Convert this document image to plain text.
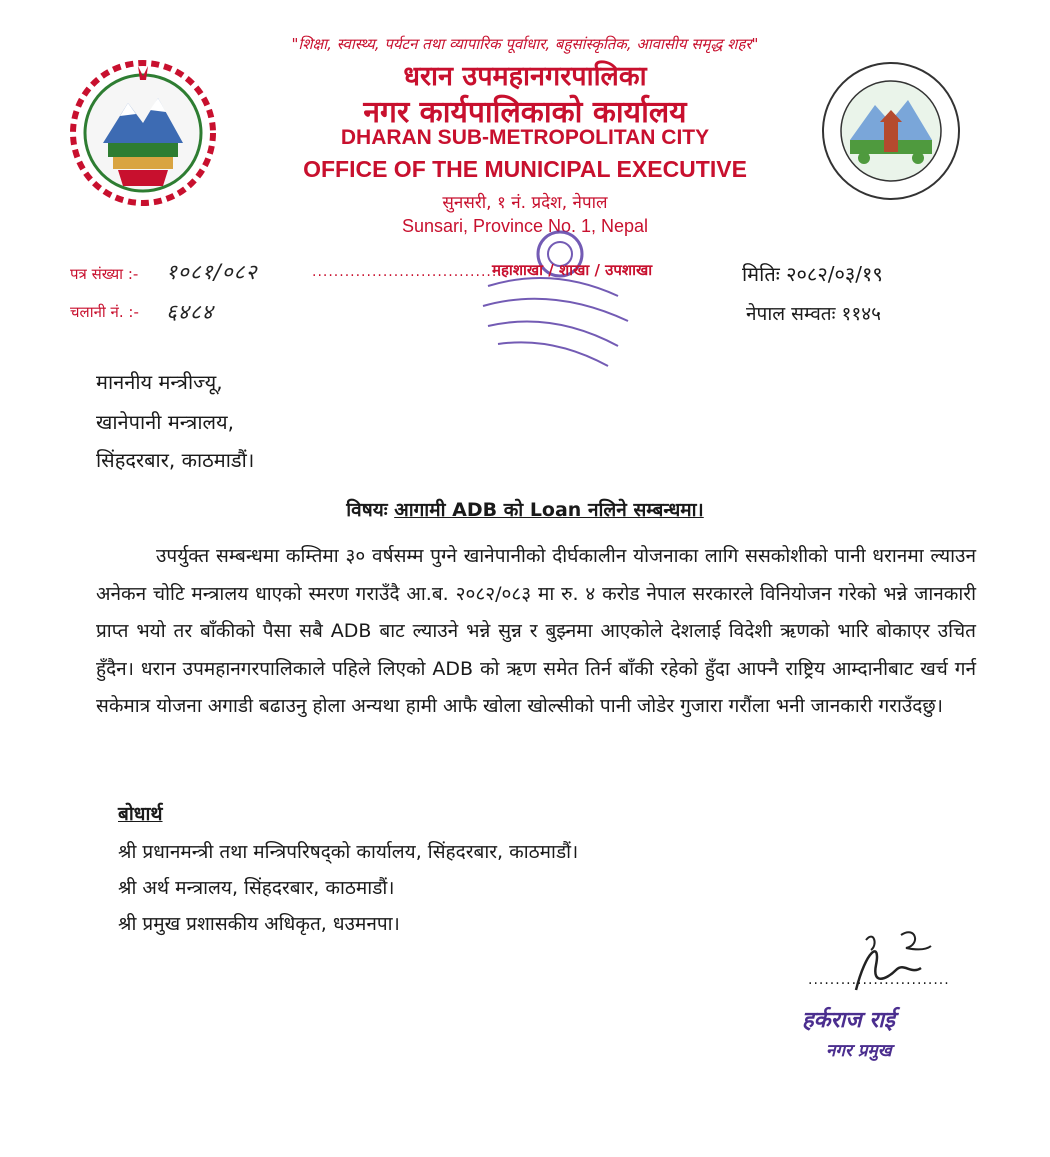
"शिक्षा, स्वास्थ्य, पर्यटन तथा व्यापारिक पूर्वाधार, बहुसांस्कृतिक, आवासीय समृद्ध शहर"
धरान उपमहानगरपालिका
नगर कार्यपालिकाको कार्यालय
DHARAN SUB-METROPOLITAN CITY
OFFICE OF THE MUNICIPAL EXECUTIVE
सुनसरी, १ नं. प्रदेश, नेपाल
Sunsari, Province No. 1, Nepal
पत्र संख्या :- १०८१/०८२
चलानी नं. :- ६४८४
...................................
महाशाखा / शाखा / उपशाखा	मितिः २०८२/०३/१९
नेपाल सम्वतः ११४५
माननीय मन्त्रीज्यू,
खानेपानी मन्त्रालय,
सिंहदरबार, काठमाडौं।
विषयः आगामी ADB को Loan नलिने सम्बन्धमा।
उपर्युक्त सम्बन्धमा कम्तिमा ३० वर्षसम्म पुग्ने खानेपानीको दीर्घकालीन योजनाका लागि ससकोशीको पानी धरानमा ल्याउन अनेकन चोटि मन्त्रालय धाएको स्मरण गराउँदै आ.ब. २०८२/०८३ मा रु. ४ करोड नेपाल सरकारले विनियोजन गरेको भन्ने जानकारी प्राप्त भयो तर बाँकीको पैसा सबै ADB बाट ल्याउने भन्ने सुन्न र बुझ्नमा आएकोले देशलाई विदेशी ऋणको भारि बोकाएर उचित हुँदैन। धरान उपमहानगरपालिकाले पहिले लिएको ADB को ऋण समेत तिर्न बाँकी रहेको हुँदा आफ्नै राष्ट्रिय आम्दानीबाट खर्च गर्न सकेमात्र योजना अगाडी बढाउनु होला अन्यथा हामी आफै खोला खोल्सीको पानी जोडेर गुजारा गरौंला भनी जानकारी गराउँदछु।
बोधार्थ
श्री प्रधानमन्त्री तथा मन्त्रिपरिषद्को कार्यालय, सिंहदरबार, काठमाडौं।
श्री अर्थ मन्त्रालय, सिंहदरबार, काठमाडौं।
श्री प्रमुख प्रशासकीय अधिकृत, धउमनपा।
..........................
हर्कराज राई
नगर प्रमुख
